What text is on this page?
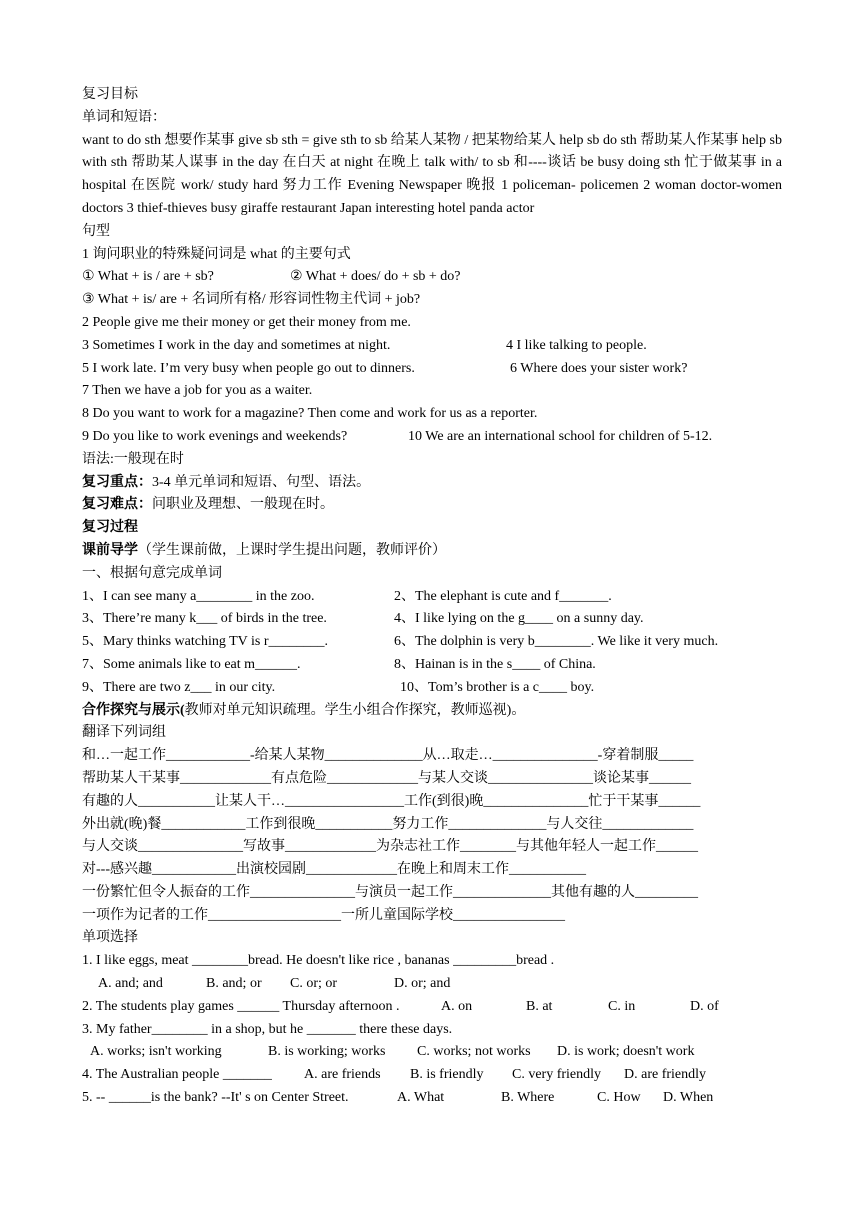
复习目标
单词和短语：
want to do sth 想要作某事 give sb sth = give sth to sb 给某人某物 / 把某物给某人 help sb do sth 帮助某人作某事 help sb with sth 帮助某人谋事 in the day 在白天 at night 在晚上 talk with/ to sb 和----谈话 be busy doing sth 忙于做某事 in a hospital 在医院 work/ study hard 努力工作 Evening Newspaper 晚报 1 policeman- policemen 2 woman doctor-women doctors 3 thief-thieves busy giraffe restaurant Japan interesting hotel panda actor
句型
1 询问职业的特殊疑问词是 what 的主要句式
① What + is / are + sb?	② What + does/ do + sb + do?
③ What + is/ are + 名词所有格/ 形容词性物主代词 + job?
2 People give me their money or get their money from me.
3 Sometimes I work in the day and sometimes at night.	4 I like talking to people.
5 I work late. I’m very busy when people go out to dinners.	6 Where does your sister work?
7 Then we have a job for you as a waiter.
8 Do you want to work for a magazine? Then come and work for us as a reporter.
9 Do you like to work evenings and weekends?	10 We are an international school for children of 5-12.
语法:一般现在时
复习重点：3-4 单元单词和短语、句型、语法。
复习难点：问职业及理想、一般现在时。
复习过程
课前导学（学生课前做，上课时学生提出问题，教师评价）
一、根据句意完成单词
1、I can see many a________ in the zoo.	2、The elephant is cute and f_______.
3、There’re many k___ of birds in the tree.	4、I like lying on the g____ on a sunny day.
5、Mary thinks watching TV is r________.	6、The dolphin is very b________. We like it very much.
7、Some animals like to eat m______.	8、Hainan is in the s____ of China.
9、There are two z___ in our city.	10、Tom’s brother is a c____ boy.
合作探究与展示(教师对单元知识疏理。学生小组合作探究，教师巡视)。
翻译下列词组
和…一起工作____________-给某人某物______________从…取走…_______________-穿着制服_____
帮助某人干某事_____________有点危险_____________与某人交谈_______________谈论某事______
有趣的人___________让某人干…_________________工作(到很)晚_______________忙于干某事______
外出就(晚)餐____________工作到很晚___________努力工作______________与人交往_____________
与人交谈_______________写故事_____________为杂志社工作________与其他年轻人一起工作______
对---感兴趣____________出演校园剧_____________在晚上和周末工作___________
一份繁忙但令人振奋的工作_______________与演员一起工作______________其他有趣的人_________
一项作为记者的工作___________________一所儿童国际学校________________
单项选择
1. I like eggs, meat ________bread. He doesn't like rice , bananas _________bread .
A. and; and	B. and; or	C. or; or	D. or; and
2. The students play games ______ Thursday afternoon .	A. on	B. at	C. in	D. of
3. My father________ in a shop, but he _______ there these days.
A. works; isn't working	B. is working; works	C. works; not works	D. is work; doesn't work
4. The Australian people _______	A. are friends	B. is friendly	C. very friendly	D. are friendly
5. -- ______is the bank? --It' s on Center Street.	A. What	B. Where	C. How	D. When
